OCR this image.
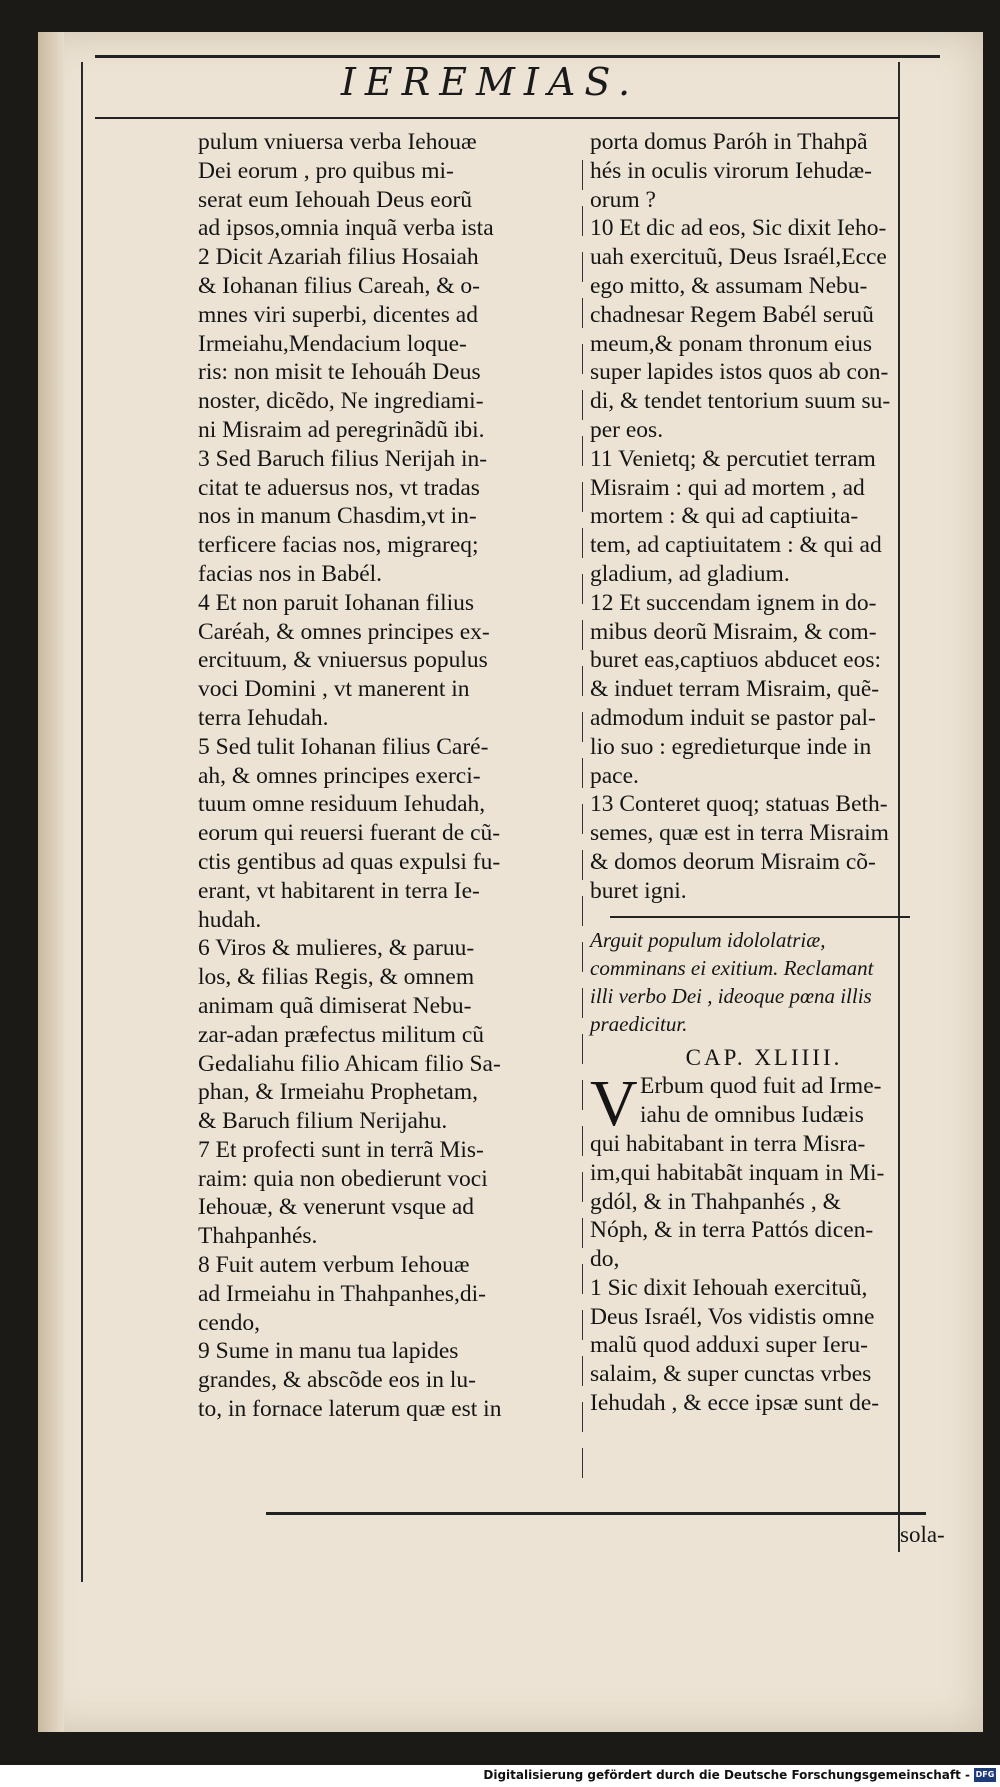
IEREMIAS.
pulum vniuersa verba Iehouæ
Dei eorum , pro quibus mi-
serat eum Iehouah Deus eorũ
ad ipsos,omnia inquã verba ista
2 Dicit Azariah filius Hosaiah
& Iohanan filius Careah, & o-
mnes viri superbi, dicentes ad
Irmeiahu,Mendacium loque-
ris: non misit te Iehouáh Deus
noster, dicẽdo, Ne ingrediami-
ni Misraim ad peregrinãdũ ibi.
3 Sed Baruch filius Nerijah in-
citat te aduersus nos, vt tradas
nos in manum Chasdim,vt in-
terficere facias nos, migrareq;
facias nos in Babél.
4 Et non paruit Iohanan filius
Caréah, & omnes principes ex-
ercituum, & vniuersus populus
voci Domini , vt manerent in
terra Iehudah.
5 Sed tulit Iohanan filius Caré-
ah, & omnes principes exerci-
tuum omne residuum Iehudah,
eorum qui reuersi fuerant de cũ-
ctis gentibus ad quas expulsi fu-
erant, vt habitarent in terra Ie-
hudah.
6 Viros & mulieres, & paruu-
los, & filias Regis, & omnem
animam quã dimiserat Nebu-
zar-adan præfectus militum cũ
Gedaliahu filio Ahicam filio Sa-
phan, & Irmeiahu Prophetam,
& Baruch filium Nerijahu.
7 Et profecti sunt in terrã Mis-
raim: quia non obedierunt voci
Iehouæ, & venerunt vsque ad
Thahpanhés.
8 Fuit autem verbum Iehouæ
ad Irmeiahu in Thahpanhes,di-
cendo,
9 Sume in manu tua lapides
grandes, & abscõde eos in lu-
to, in fornace laterum quæ est in
porta domus Paróh in Thahpã
hés in oculis virorum Iehudæ-
orum ?
10 Et dic ad eos, Sic dixit Ieho-
uah exercituũ, Deus Israél,Ecce
ego mitto, & assumam Nebu-
chadnesar Regem Babél seruũ
meum,& ponam thronum eius
super lapides istos quos ab con-
di, & tendet tentorium suum su-
per eos.
11 Venietq; & percutiet terram
Misraim : qui ad mortem , ad
mortem : & qui ad captiuita-
tem, ad captiuitatem : & qui ad
gladium, ad gladium.
12 Et succendam ignem in do-
mibus deorũ Misraim, & com-
buret eas,captiuos abducet eos:
& induet terram Misraim, quẽ-
admodum induit se pastor pal-
lio suo : egredieturque inde in
pace.
13 Conteret quoq; statuas Beth-
semes, quæ est in terra Misraim
& domos deorum Misraim cõ-
buret igni.
Arguit populum idololatriæ,
comminans ei exitium. Reclamant
illi verbo Dei , ideoque pœna illis
praedicitur.
CAP. XLIIII.
V Erbum quod fuit ad Irme-
iahu de omnibus Iudæis
qui habitabant in terra Misra-
im,qui habitabãt inquam in Mi-
gdól, & in Thahpanhés , &
Nóph, & in terra Pattós dicen-
do,
1 Sic dixit Iehouah exercituũ,
Deus Israél, Vos vidistis omne
malũ quod adduxi super Ieru-
salaim, & super cunctas vrbes
Iehudah , & ecce ipsæ sunt de-
sola-
Digitalisierung gefördert durch die Deutsche Forschungsgemeinschaft - DFG
